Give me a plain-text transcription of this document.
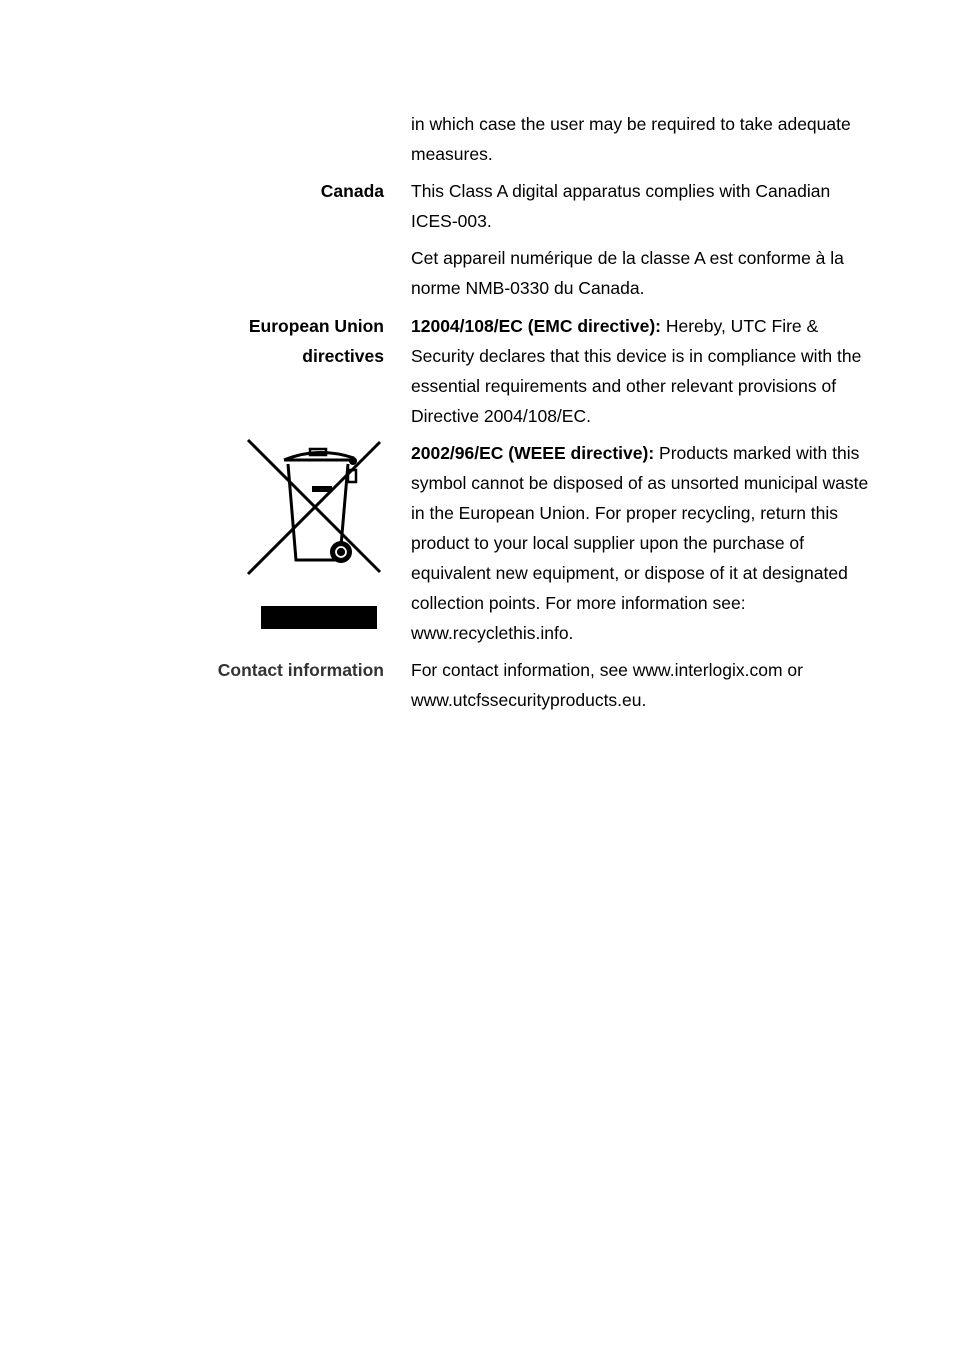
in which case the user may be required to take adequate measures.

Canada This Class A digital apparatus complies with Canadian ICES-003.

Cet appareil numérique de la classe A est conforme à la norme NMB-0330 du Canada.

European Union
directives

12004/108/EC (EMC directive): Hereby, UTC Fire & Security declares that this device is in compliance with the essential requirements and other relevant provisions of Directive 2004/108/EC.

2002/96/EC (WEEE directive): Products marked with this symbol cannot be disposed of as unsorted municipal waste in the European Union. For proper recycling, return this product to your local supplier upon the purchase of equivalent new equipment, or dispose of it at designated collection points. For more information see: www.recyclethis.info.

Contact information For contact information, see www.interlogix.com or www.utcfssecurityproducts.eu.
